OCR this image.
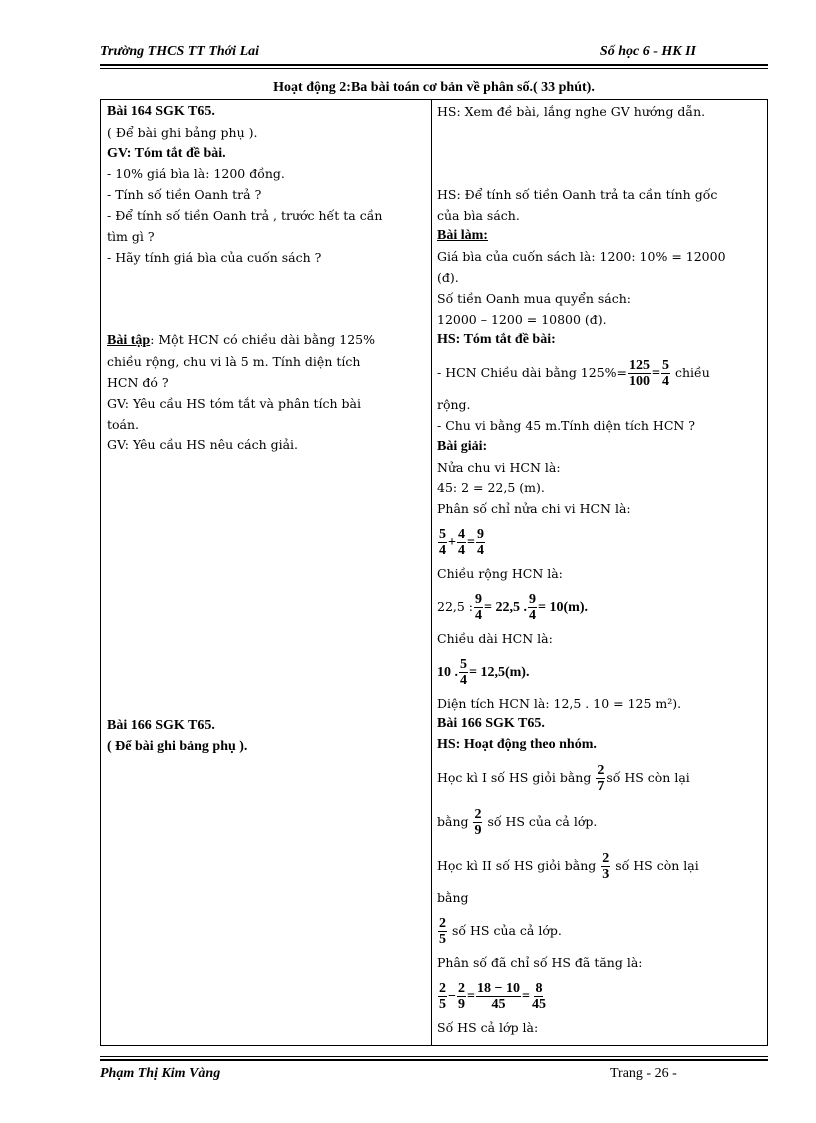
Trường THCS TT Thới Lai	Số học 6 - HK II
Hoạt động 2:Ba bài toán cơ bản về phân số.( 33 phút).
Bài 164 SGK T65.
( Để bài ghi bảng phụ ).
GV: Tóm tắt đề bài.
- 10% giá bìa là: 1200 đồng.
- Tính số tiền Oanh trả ?
- Để tính số tiền Oanh trả , trước hết ta cần
tìm gì ?
- Hãy tính giá bìa của cuốn sách ?
Bài tập: Một HCN có chiều dài bằng 125%
chiều rộng, chu vi là 5 m. Tính diện tích
HCN đó ?
GV: Yêu cầu HS tóm tắt và phân tích bài
toán.
GV: Yêu cầu HS nêu cách giải.
Bài 166 SGK T65.
( Để bài ghi bảng phụ ).
HS: Xem đề bài, lắng nghe GV hướng dẫn.
HS: Để tính số tiền Oanh trả ta cần tính gốc
của bìa sách.
Bài làm:
Giá bìa của cuốn sách là: 1200: 10% = 12000
(đ).
Số tiền Oanh mua quyển sách:
12000 – 1200 = 10800 (đ).
HS: Tóm tắt đề bài:
- HCN Chiều dài bằng $125\%= \frac{125}{100} = \frac{5}{4}$ chiều
rộng.
- Chu vi bằng 45 m.Tính diện tích HCN ?
Bài giải:
Nửa chu vi HCN là:
45: 2 = 22,5 (m).
Phân số chỉ nửa chi vi HCN là:
$\frac{5}{4} + \frac{4}{4} = \frac{9}{4}$
Chiều rộng HCN là:
22,5 : $\frac{9}{4} = 22,5$ . $\frac{9}{4} = 10(m)$.
Chiều dài HCN là:
10 . $\frac{5}{4} = 12,5(m)$.
Diện tích HCN là: 12,5 . 10 = 125 m²).
Bài 166 SGK T65.
HS: Hoạt động theo nhóm.
Học kì I số HS giỏi bằng $\frac{2}{7}$ số HS còn lại
bằng $\frac{2}{9}$ số HS của cả lớp.
Học kì II số HS giỏi bằng $\frac{2}{3}$ số HS còn lại
bằng
$\frac{2}{5}$ số HS của cả lớp.
Phân số đã chỉ số HS đã tăng là:
$\frac{2}{5} - \frac{2}{9} = \frac{18 - 10}{45} = \frac{8}{45}$
Số HS cả lớp là:
Phạm Thị Kim Vàng	Trang - 26 -
